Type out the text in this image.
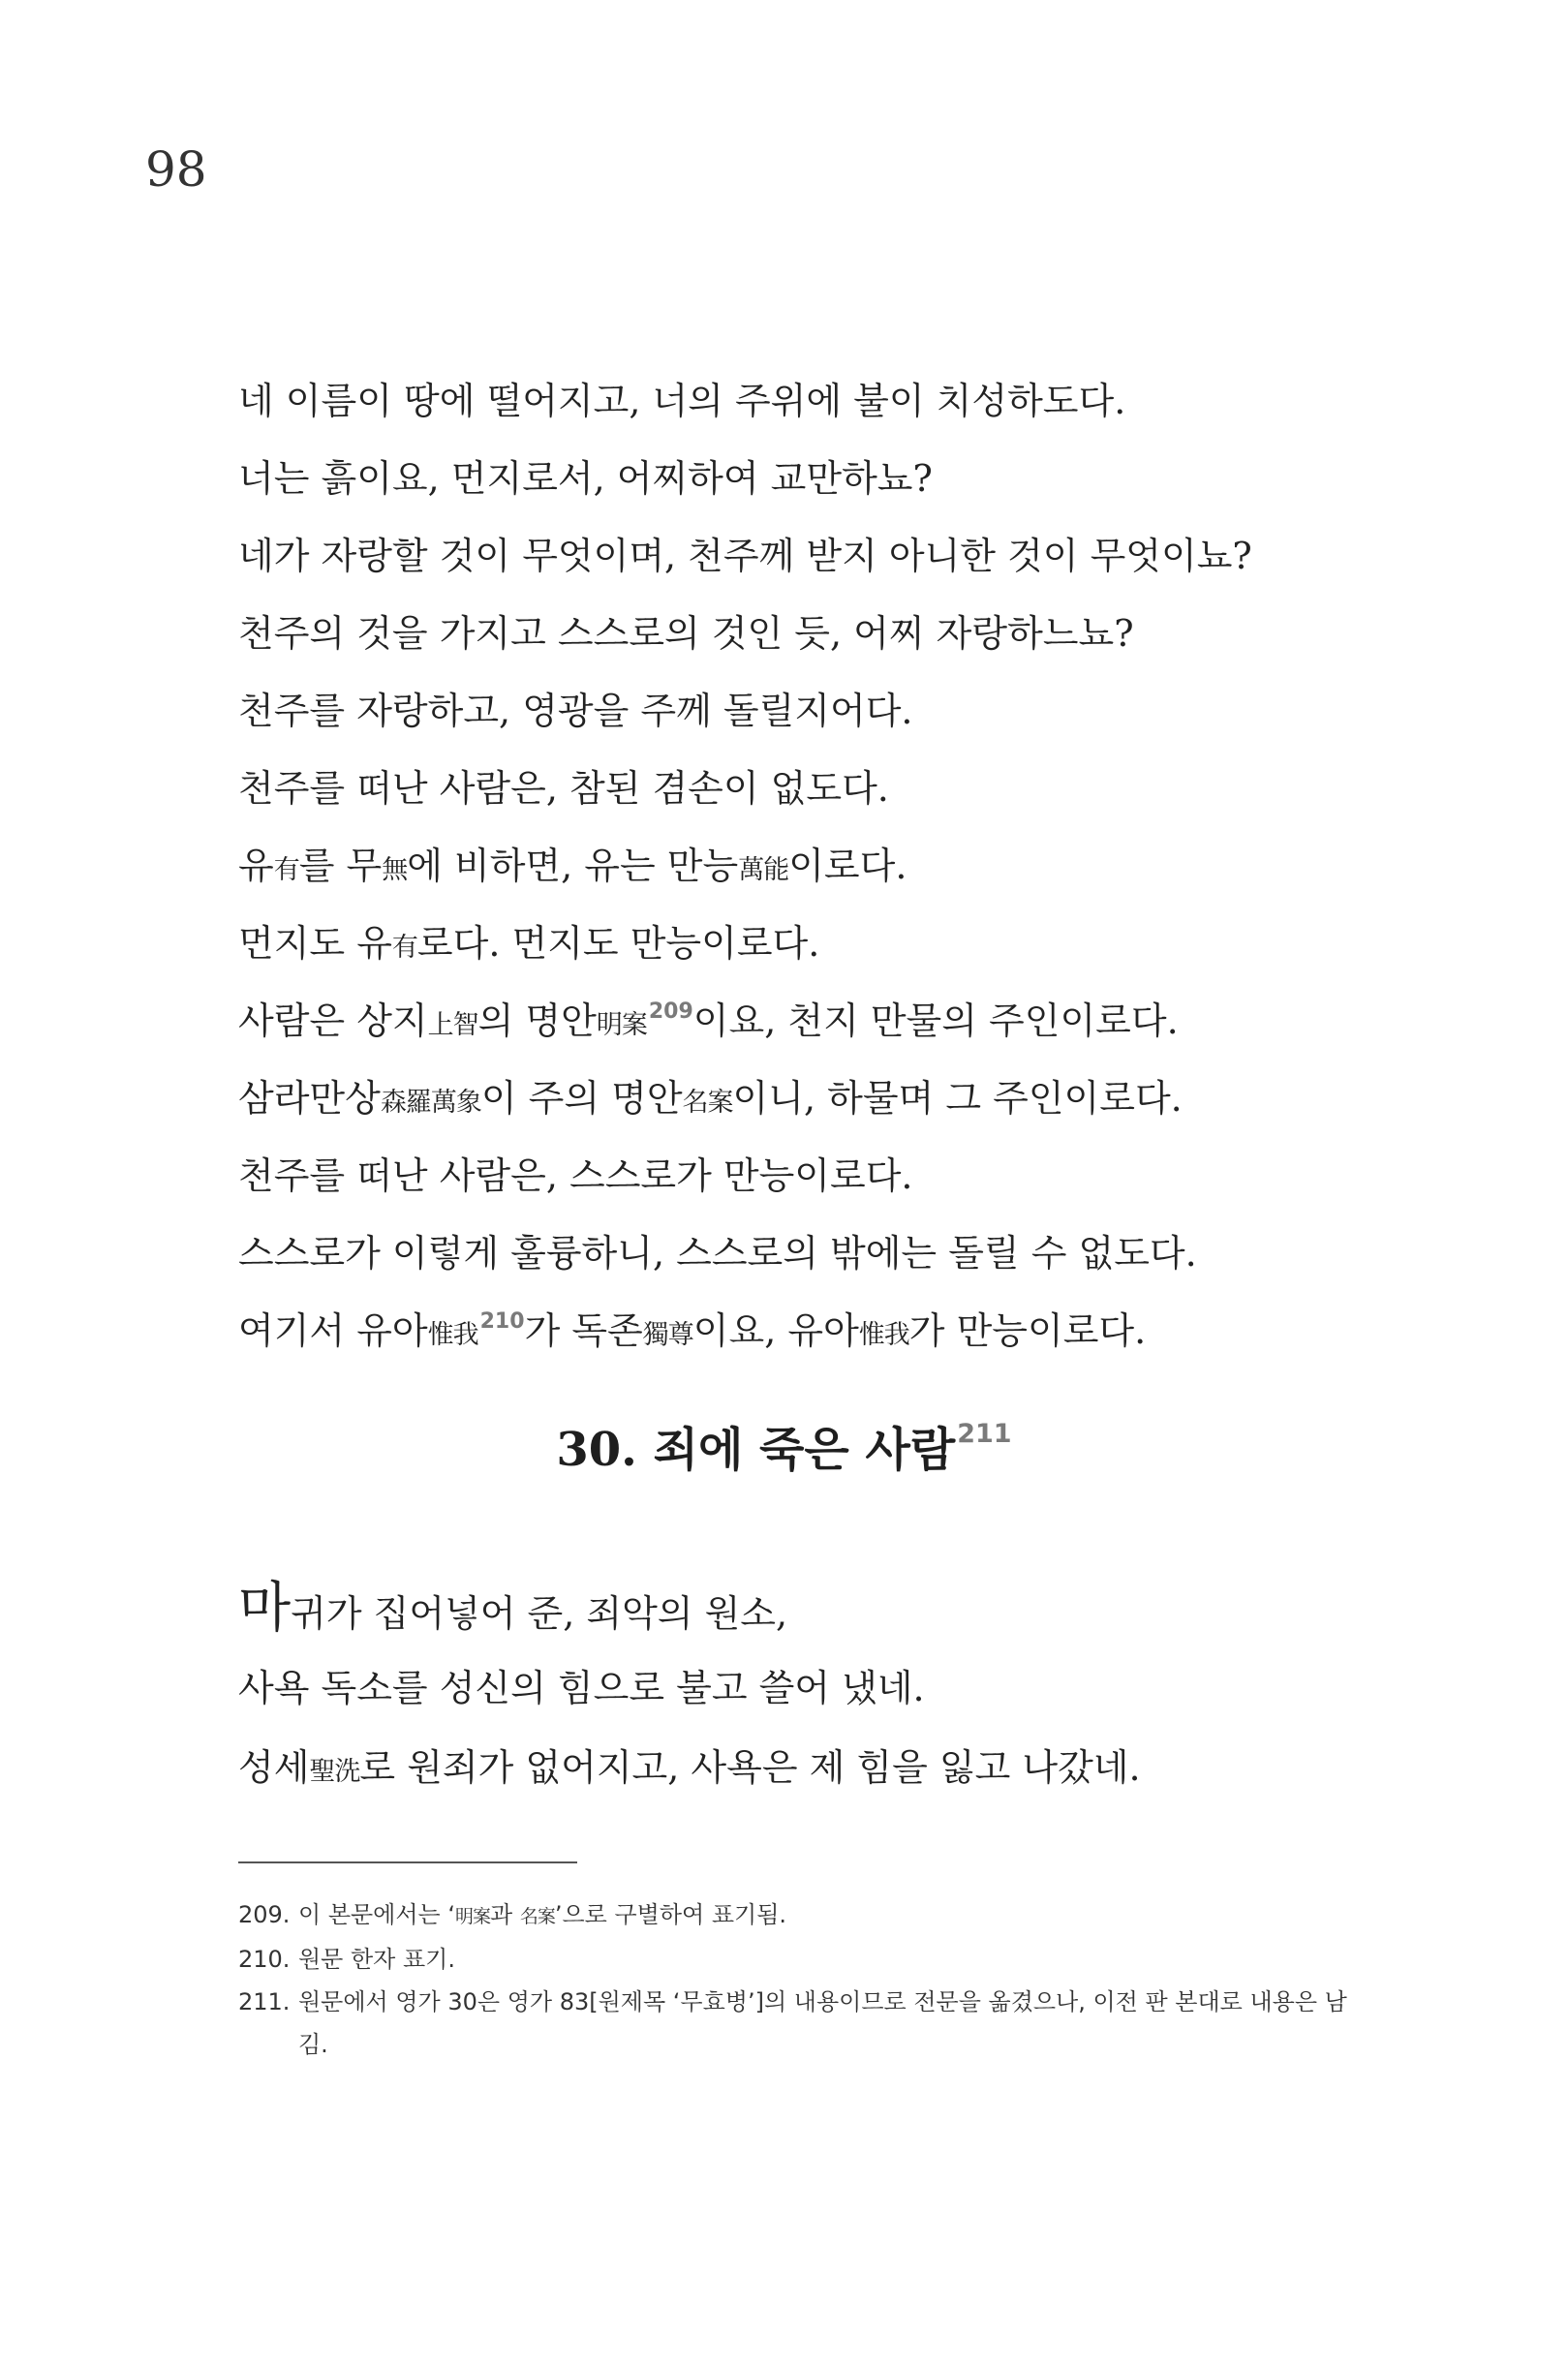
98
네 이름이 땅에 떨어지고, 너의 주위에 불이 치성하도다.
너는 흙이요, 먼지로서, 어찌하여 교만하뇨?
네가 자랑할 것이 무엇이며, 천주께 받지 아니한 것이 무엇이뇨?
천주의 것을 가지고 스스로의 것인 듯, 어찌 자랑하느뇨?
천주를 자랑하고, 영광을 주께 돌릴지어다.
천주를 떠난 사람은, 참된 겸손이 없도다.
유有를 무無에 비하면, 유는 만능萬能이로다.
먼지도 유有로다. 먼지도 만능이로다.
사람은 상지上智의 명안明案$^{209}$이요, 천지 만물의 주인이로다.
삼라만상森羅萬象이 주의 명안名案이니, 하물며 그 주인이로다.
천주를 떠난 사람은, 스스로가 만능이로다.
스스로가 이렇게 훌륭하니, 스스로의 밖에는 돌릴 수 없도다.
여기서 유아惟我$^{210}$가 독존獨尊이요, 유아惟我가 만능이로다.
30. 죄에 죽은 사람$^{211}$
마귀가 집어넣어 준, 죄악의 원소,
사욕 독소를 성신의 힘으로 불고 쓸어 냈네.
성세聖洗로 원죄가 없어지고, 사욕은 제 힘을 잃고 나갔네.
209. 이 본문에서는 ‘明案과 名案’으로 구별하여 표기됨.
210. 원문 한자 표기.
211. 원문에서 영가 30은 영가 83[원제목 ‘무효병’]의 내용이므로 전문을 옮겼으나, 이전 판 본대로 내용은 남김.
